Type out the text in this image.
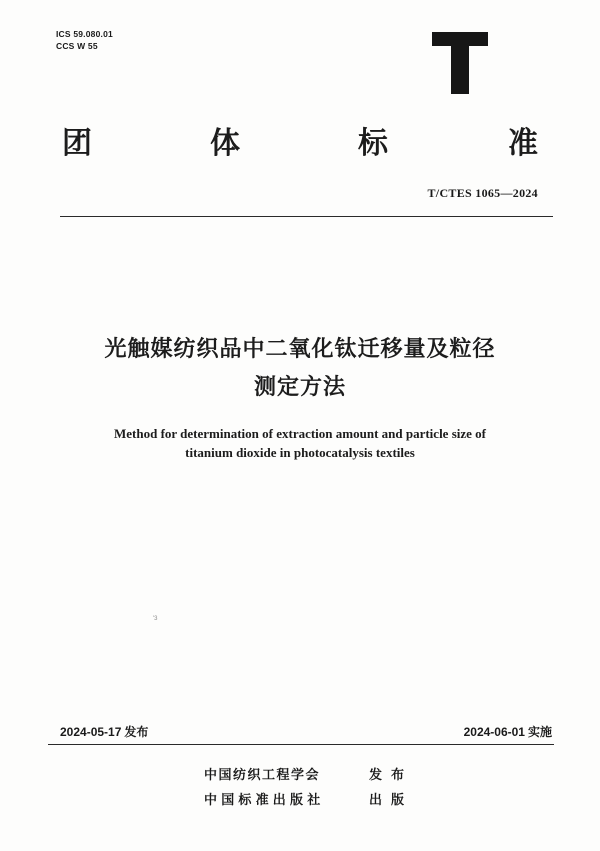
ICS 59.080.01
CCS W 55
团	体	标	准
T/CTES 1065—2024
光触媒纺织品中二氧化钛迁移量及粒径
测定方法
Method for determination of extraction amount and particle size of
titanium dioxide in photocatalysis textiles
'3
2024-05-17 发布	2024-06-01 实施
中国纺织工程学会	发布
中国标准出版社	出版
